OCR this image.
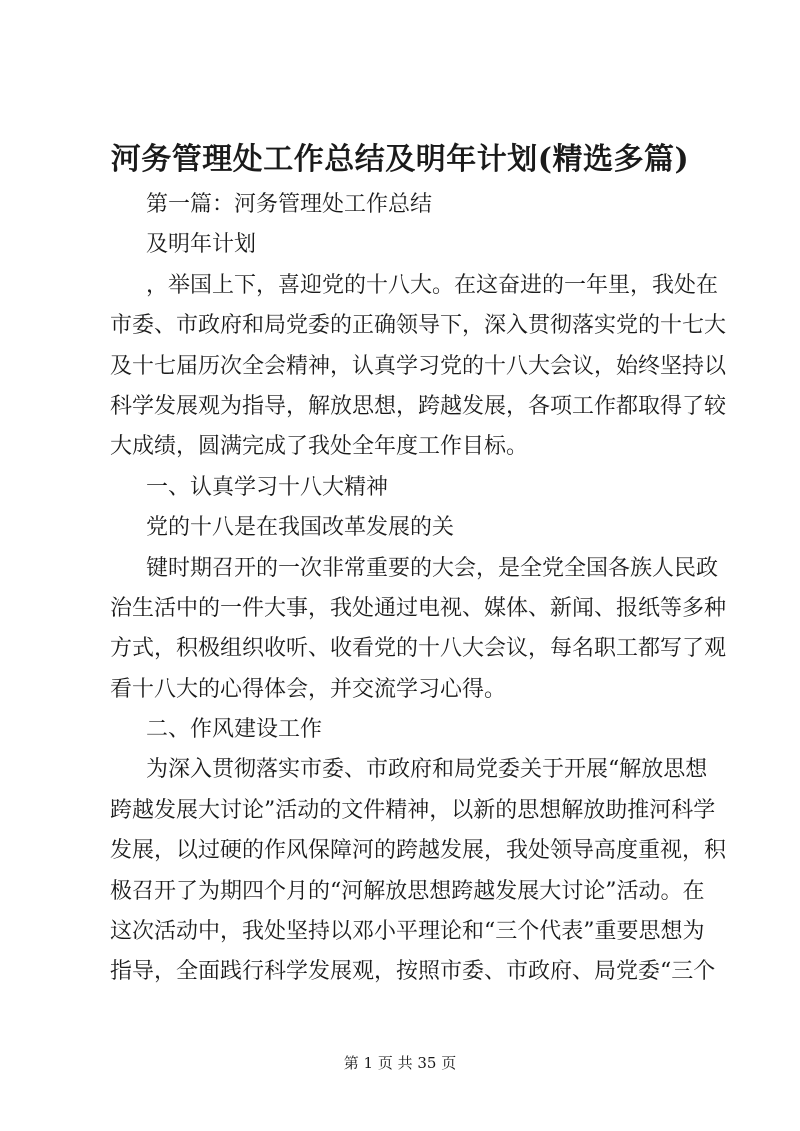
河务管理处工作总结及明年计划(精选多篇)
第一篇：河务管理处工作总结
及明年计划
，举国上下，喜迎党的十八大。在这奋进的一年里，我处在
市委、市政府和局党委的正确领导下，深入贯彻落实党的十七大
及十七届历次全会精神，认真学习党的十八大会议，始终坚持以
科学发展观为指导，解放思想，跨越发展，各项工作都取得了较
大成绩，圆满完成了我处全年度工作目标。
一、认真学习十八大精神
党的十八是在我国改革发展的关
键时期召开的一次非常重要的大会，是全党全国各族人民政
治生活中的一件大事，我处通过电视、媒体、新闻、报纸等多种
方式，积极组织收听、收看党的十八大会议，每名职工都写了观
看十八大的心得体会，并交流学习心得。
二、作风建设工作
为深入贯彻落实市委、市政府和局党委关于开展“解放思想
跨越发展大讨论”活动的文件精神，以新的思想解放助推河科学
发展，以过硬的作风保障河的跨越发展，我处领导高度重视，积
极召开了为期四个月的“河解放思想跨越发展大讨论”活动。在
这次活动中，我处坚持以邓小平理论和“三个代表”重要思想为
指导，全面践行科学发展观，按照市委、市政府、局党委“三个
第 1 页 共 35 页
